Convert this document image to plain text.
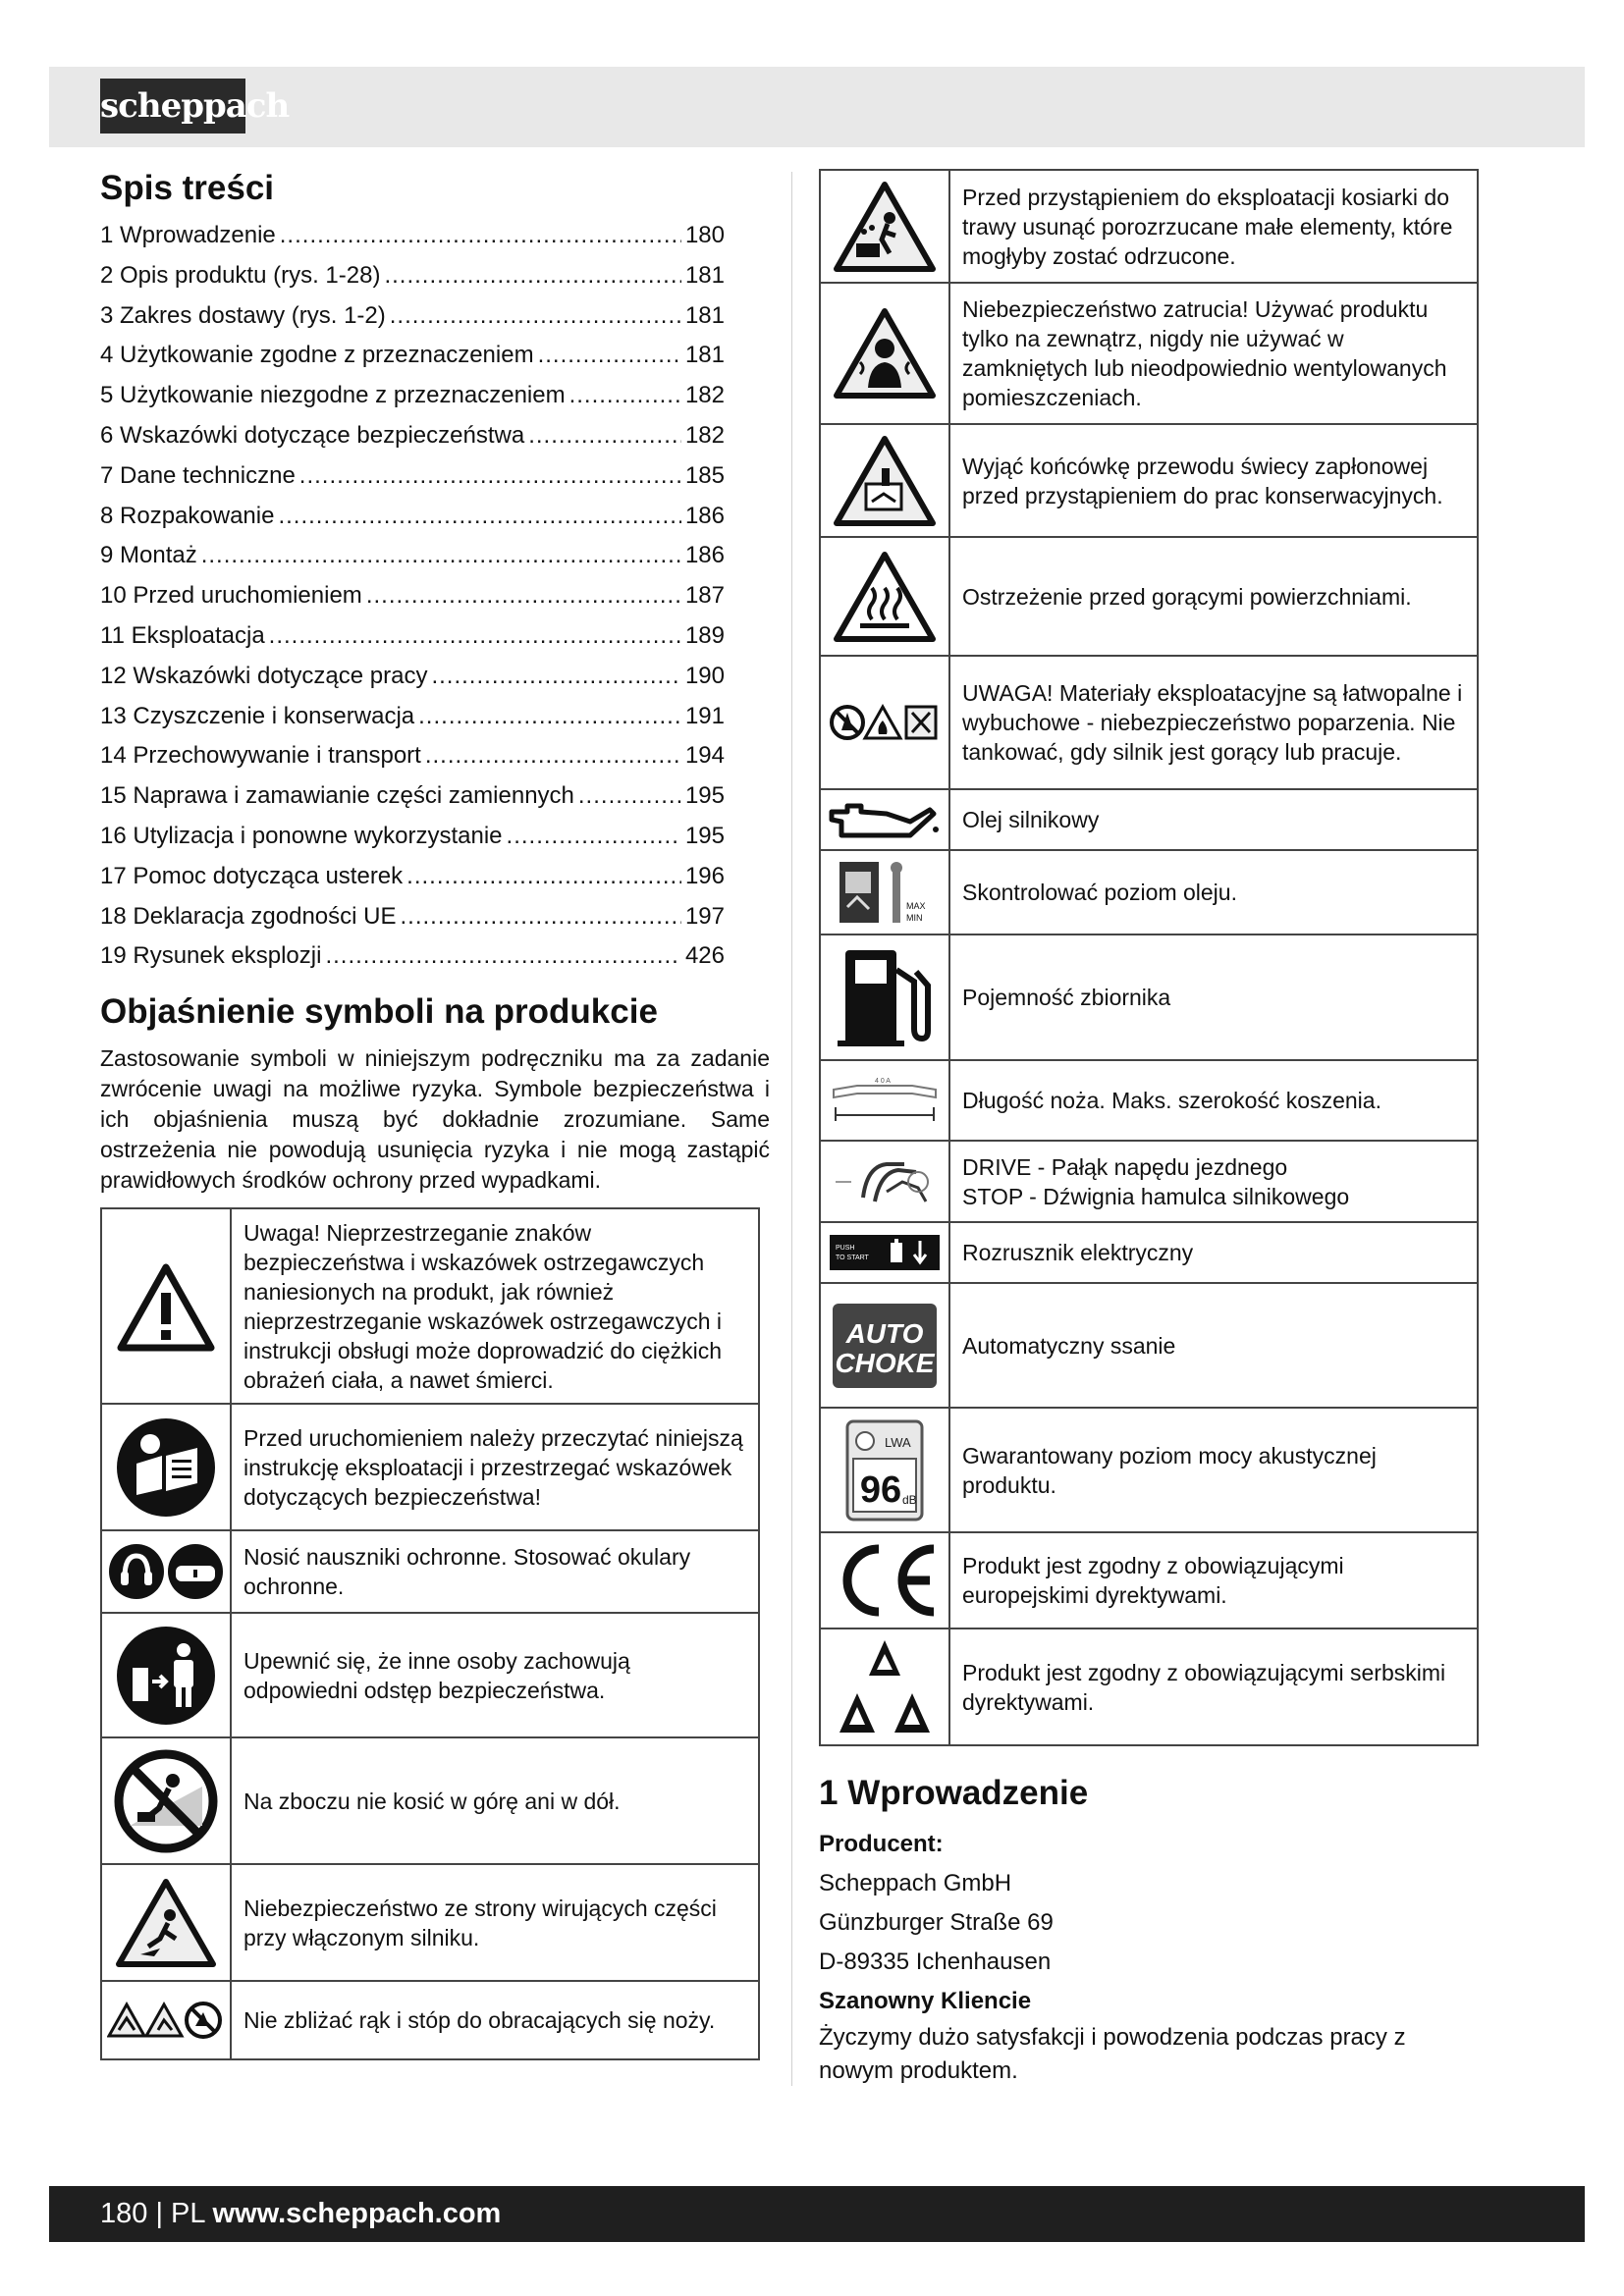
scheppach
Spis treści
1 Wprowadzenie .....	180
2 Opis produktu (rys. 1-28) .....	181
3 Zakres dostawy (rys. 1-2) .....	181
4 Użytkowanie zgodne z przeznaczeniem .....	181
5 Użytkowanie niezgodne z przeznaczeniem .....	182
6 Wskazówki dotyczące bezpieczeństwa .....	182
7 Dane techniczne .....	185
8 Rozpakowanie .....	186
9 Montaż .....	186
10 Przed uruchomieniem .....	187
11 Eksploatacja .....	189
12 Wskazówki dotyczące pracy .....	190
13 Czyszczenie i konserwacja .....	191
14 Przechowywanie i transport .....	194
15 Naprawa i zamawianie części zamiennych .....	195
16 Utylizacja i ponowne wykorzystanie .....	195
17 Pomoc dotycząca usterek .....	196
18 Deklaracja zgodności UE .....	197
19 Rysunek eksplozji .....	426
Objaśnienie symboli na produkcie
Zastosowanie symboli w niniejszym podręczniku ma za zadanie zwrócenie uwagi na możliwe ryzyka. Symbole bezpieczeństwa i ich objaśnienia muszą być dokładnie zrozumiane. Same ostrzeżenia nie powodują usunięcia ryzyka i nie mogą zastąpić prawidłowych środków ochrony przed wypadkami.
	Uwaga! Nieprzestrzeganie znaków bezpieczeństwa i wskazówek ostrzegawczych naniesionych na produkt, jak również nieprzestrzeganie wskazówek ostrzegawczych i instrukcji obsługi może doprowadzić do ciężkich obrażeń ciała, a nawet śmierci.

	Przed uruchomieniem należy przeczytać niniejszą instrukcję eksploatacji i przestrzegać wskazówek dotyczących bezpieczeństwa!

	Nosić nauszniki ochronne. Stosować okulary ochronne.

	Upewnić się, że inne osoby zachowują odpowiedni odstęp bezpieczeństwa.

	Na zboczu nie kosić w górę ani w dół.

	Niebezpieczeństwo ze strony wirujących części przy włączonym silniku.

	Nie zbliżać rąk i stóp do obracających się noży.
	Przed przystąpieniem do eksploatacji kosiarki do trawy usunąć porozrzucane małe elementy, które mogłyby zostać odrzucone.

	Niebezpieczeństwo zatrucia! Używać produktu tylko na zewnątrz, nigdy nie używać w zamkniętych lub nieodpowiednio wentylowanych pomieszczeniach.

	Wyjąć końcówkę przewodu świecy zapłonowej przed przystąpieniem do prac konserwacyjnych.

	Ostrzeżenie przed gorącymi powierzchniami.

	UWAGA! Materiały eksploatacyjne są łatwopalne i wybuchowe - niebezpieczeństwo poparzenia. Nie tankować, gdy silnik jest gorący lub pracuje.

	Olej silnikowy

MAX
MIN	Skontrolować poziom oleju.

	Pojemność zbiornika

4 0 A	Długość noża. Maks. szerokość koszenia.

DRIVE - Pałąk napędu jezdnego
STOP - Dźwignia hamulca silnikowego

PUSH
TO START	Rozrusznik elektryczny

AUTO
CHOKE	Automatyczny ssanie

LWA
96 dB	Gwarantowany poziom mocy akustycznej produktu.

	Produkt jest zgodny z obowiązującymi europejskimi dyrektywami.

	Produkt jest zgodny z obowiązującymi serbskimi dyrektywami.
1 Wprowadzenie
Producent:
Scheppach GmbH
Günzburger Straße 69
D-89335 Ichenhausen
Szanowny Kliencie
Życzymy dużo satysfakcji i powodzenia podczas pracy z nowym produktem.
180 | PL www.scheppach.com
